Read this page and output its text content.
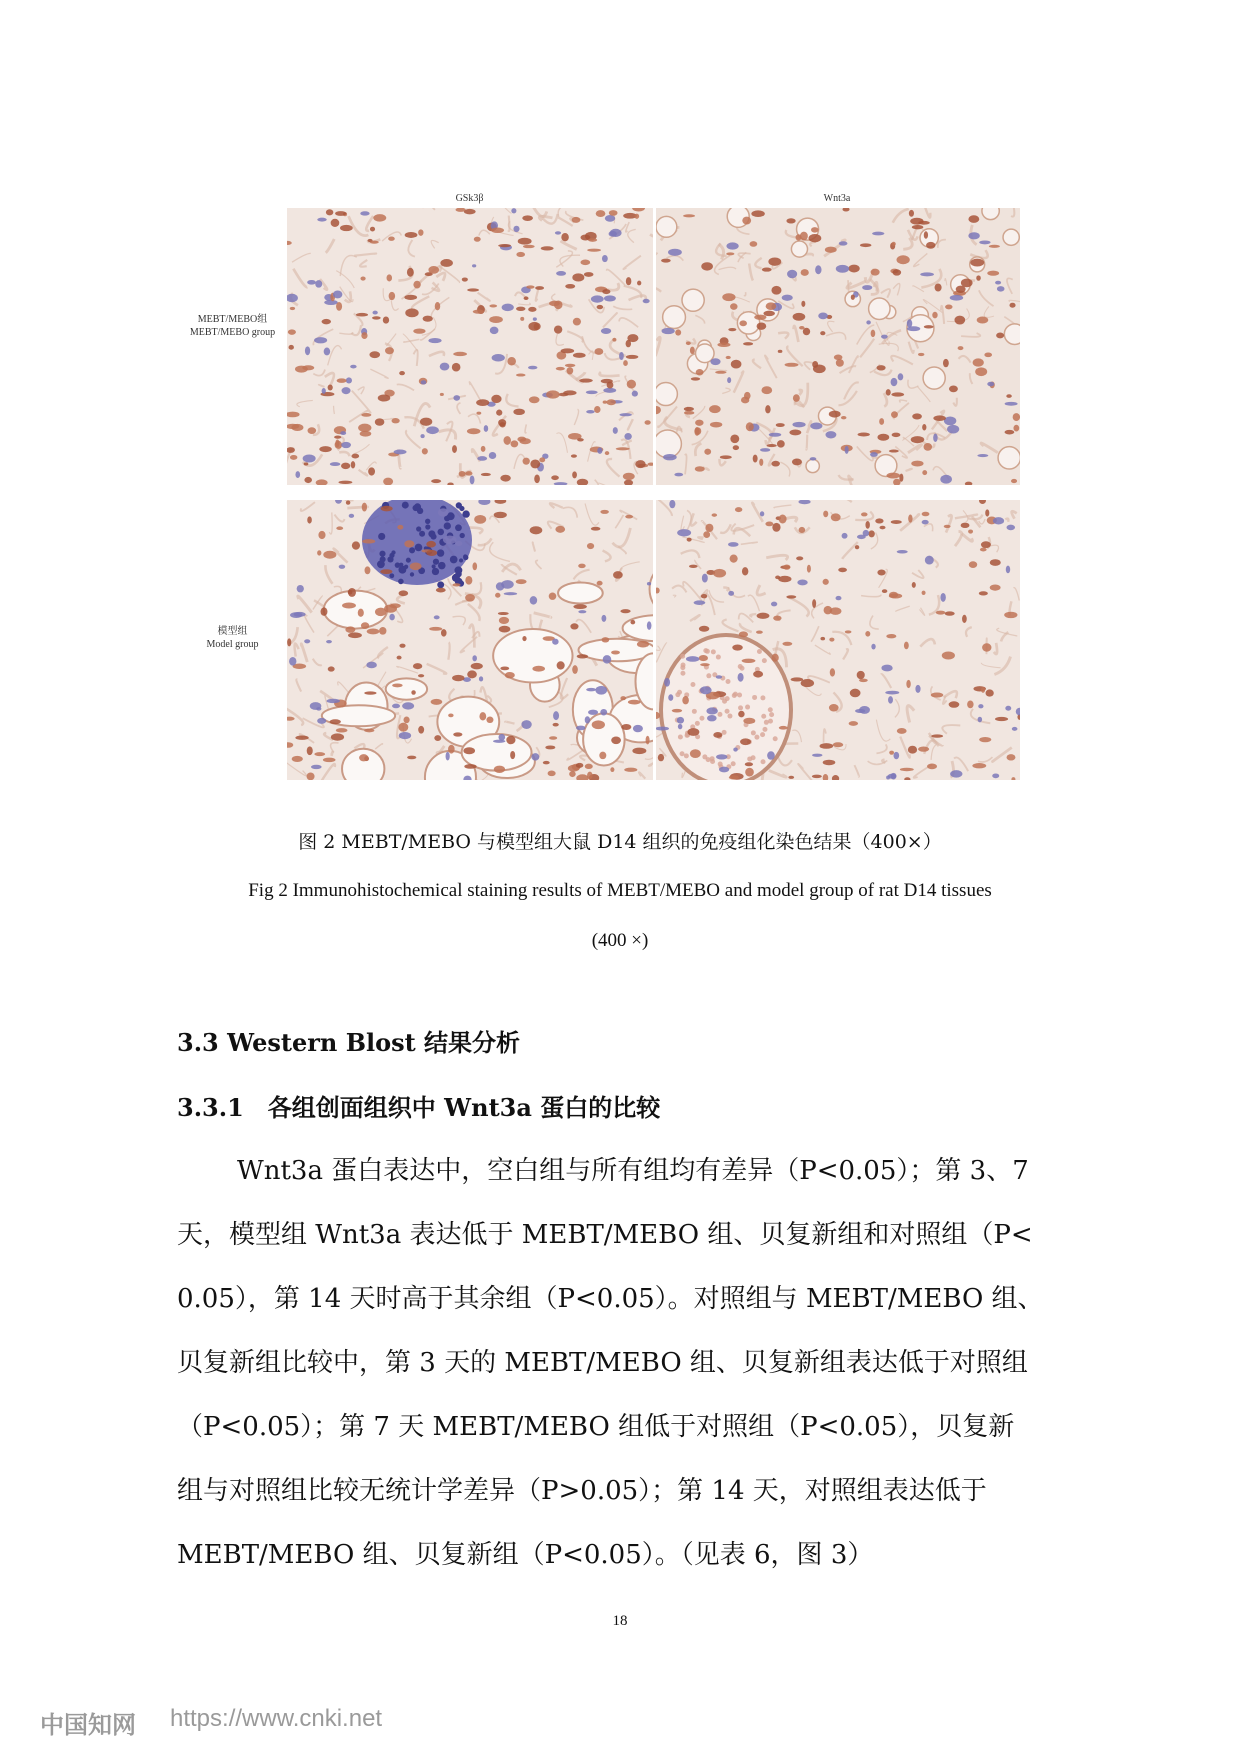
GSk3β	Wnt3a
MEBT/MEBO组
MEBT/MEBO group
模型组
Model group
图 2 MEBT/MEBO 与模型组大鼠 D14 组织的免疫组化染色结果（400×）
Fig 2 Immunohistochemical staining results of MEBT/MEBO and model group of rat D14 tissues
(400 ×)
3.3 Western Blost 结果分析
3.3.1　各组创面组织中 Wnt3a 蛋白的比较
Wnt3a 蛋白表达中，空白组与所有组均有差异（P<0.05）；第 3、7
天，模型组 Wnt3a 表达低于 MEBT/MEBO 组、贝复新组和对照组（P<
0.05），第 14 天时高于其余组（P<0.05）。对照组与 MEBT/MEBO 组、
贝复新组比较中，第 3 天的 MEBT/MEBO 组、贝复新组表达低于对照组
（P<0.05）；第 7 天 MEBT/MEBO 组低于对照组（P<0.05），贝复新
组与对照组比较无统计学差异（P>0.05）；第 14 天，对照组表达低于
MEBT/MEBO 组、贝复新组（P<0.05）。（见表 6，图 3）
18
中国知网 https://www.cnki.net
